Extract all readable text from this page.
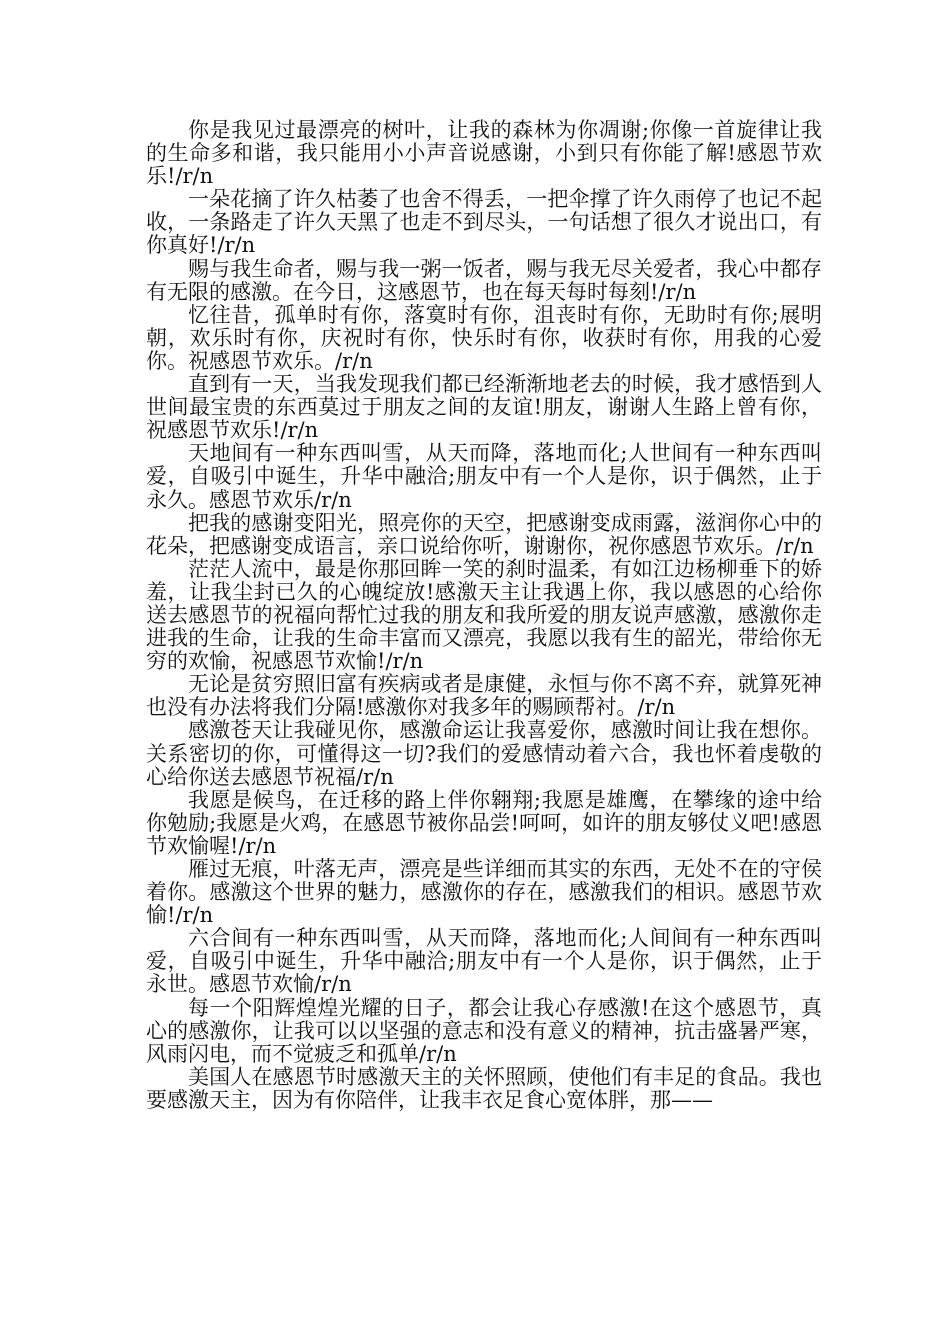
你是我见过最漂亮的树叶，让我的森林为你凋谢;你像一首旋律让我的生命多和谐，我只能用小小声音说感谢，小到只有你能了解!感恩节欢乐!/r/n

一朵花摘了许久枯萎了也舍不得丢，一把伞撑了许久雨停了也记不起收，一条路走了许久天黑了也走不到尽头，一句话想了很久才说出口，有你真好!/r/n

赐与我生命者，赐与我一粥一饭者，赐与我无尽关爱者，我心中都存有无限的感激。在今日，这感恩节，也在每天每时每刻!/r/n

忆往昔，孤单时有你，落寞时有你，沮丧时有你，无助时有你;展明朝，欢乐时有你，庆祝时有你，快乐时有你，收获时有你，用我的心爱你。祝感恩节欢乐。/r/n

直到有一天，当我发现我们都已经渐渐地老去的时候，我才感悟到人世间最宝贵的东西莫过于朋友之间的友谊!朋友，谢谢人生路上曾有你，祝感恩节欢乐!/r/n

天地间有一种东西叫雪，从天而降，落地而化;人世间有一种东西叫爱，自吸引中诞生，升华中融洽;朋友中有一个人是你，识于偶然，止于永久。感恩节欢乐/r/n

把我的感谢变阳光，照亮你的天空，把感谢变成雨露，滋润你心中的花朵，把感谢变成语言，亲口说给你听，谢谢你，祝你感恩节欢乐。/r/n

茫茫人流中，最是你那回眸一笑的刹时温柔，有如江边杨柳垂下的娇羞，让我尘封已久的心魄绽放!感激天主让我遇上你，我以感恩的心给你送去感恩节的祝福向帮忙过我的朋友和我所爱的朋友说声感激，感激你走进我的生命，让我的生命丰富而又漂亮，我愿以我有生的韶光，带给你无穷的欢愉，祝感恩节欢愉!/r/n

无论是贫穷照旧富有疾病或者是康健，永恒与你不离不弃，就算死神也没有办法将我们分隔!感激你对我多年的赐顾帮衬。/r/n

感激苍天让我碰见你，感激命运让我喜爱你，感激时间让我在想你。关系密切的你，可懂得这一切?我们的爱感情动着六合，我也怀着虔敬的心给你送去感恩节祝福/r/n

我愿是候鸟，在迁移的路上伴你翱翔;我愿是雄鹰，在攀缘的途中给你勉励;我愿是火鸡，在感恩节被你品尝!呵呵，如许的朋友够仗义吧!感恩节欢愉喔!/r/n

雁过无痕，叶落无声，漂亮是些详细而其实的东西，无处不在的守侯着你。感激这个世界的魅力，感激你的存在，感激我们的相识。感恩节欢愉!/r/n

六合间有一种东西叫雪，从天而降，落地而化;人间间有一种东西叫爱，自吸引中诞生，升华中融洽;朋友中有一个人是你，识于偶然，止于永世。感恩节欢愉/r/n

每一个阳辉煌煌光耀的日子，都会让我心存感激!在这个感恩节，真心的感激你，让我可以以坚强的意志和没有意义的精神，抗击盛暑严寒，风雨闪电，而不觉疲乏和孤单/r/n

美国人在感恩节时感激天主的关怀照顾，使他们有丰足的食品。我也要感激天主，因为有你陪伴，让我丰衣足食心宽体胖，那——
